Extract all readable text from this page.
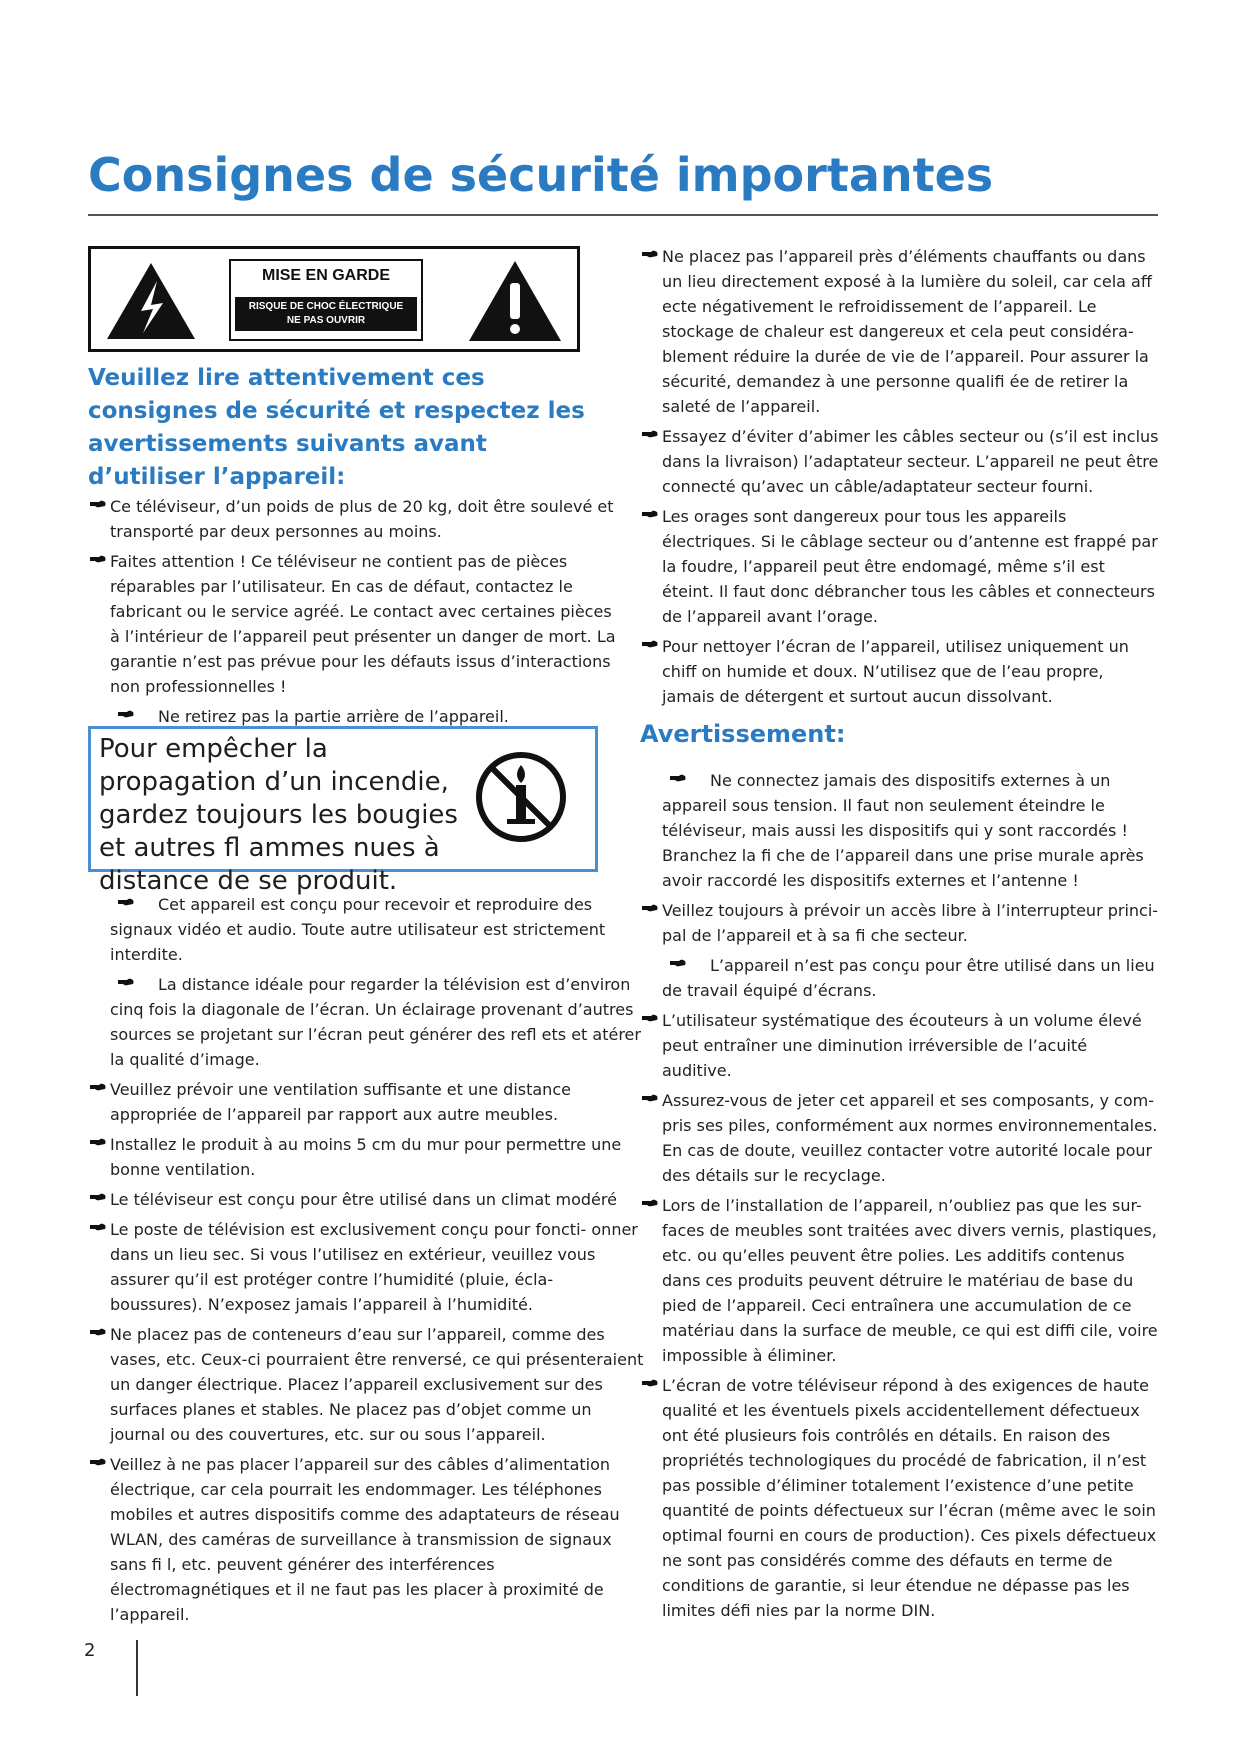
Consignes de sécurité importantes
MISE EN GARDE
RISQUE DE CHOC ÉLECTRIQUE
NE PAS OUVRIR
Veuillez lire attentivement ces consignes de sécurité et respectez les avertissements suivants avant d’utiliser l’appareil:
Ce téléviseur, d’un poids de plus de 20 kg, doit être soulevé et transporté par deux personnes au moins.
Faites attention ! Ce téléviseur ne contient pas de pièces réparables par l’utilisateur. En cas de défaut, contactez le fabricant ou le service agréé. Le contact avec certaines pièces à l’intérieur de l’appareil peut présenter un danger de mort. La garantie n’est pas prévue pour les défauts issus d’interactions non professionnelles !
Ne retirez pas la partie arrière de l’appareil.
Pour empêcher la propagation d’un incendie, gardez toujours les bougies et autres fl ammes nues à distance de se produit.
Cet appareil est conçu pour recevoir et reproduire des signaux vidéo et audio. Toute autre utilisateur est strictement interdite.
La distance idéale pour regarder la télévision est d’environ cinq fois la diagonale de l’écran. Un éclairage provenant d’autres sources se projetant sur l’écran peut générer des refl ets et atérer la qualité d’image.
Veuillez prévoir une ventilation suffisante et une distance appropriée de l’appareil par rapport aux autre meubles.
Installez le produit à au moins 5 cm du mur pour permettre une bonne ventilation.
Le téléviseur est conçu pour être utilisé dans un climat modéré
Le poste de télévision est exclusivement conçu pour foncti- onner dans un lieu sec. Si vous l’utilisez en extérieur, veuillez vous assurer qu’il est protéger contre l’humidité (pluie, écla- boussures). N’exposez jamais l’appareil à l’humidité.
Ne placez pas de conteneurs d’eau sur l’appareil, comme des vases, etc. Ceux-ci pourraient être renversé, ce qui présenteraient un danger électrique. Placez l’appareil exclusivement sur des surfaces planes et stables. Ne placez pas d’objet comme un journal ou des couvertures, etc. sur ou sous l’appareil.
Veillez à ne pas placer l’appareil sur des câbles d’alimentation électrique, car cela pourrait les endommager. Les téléphones mobiles et autres dispositifs comme des adaptateurs de réseau WLAN, des caméras de surveillance à transmission de signaux sans fi l, etc. peuvent générer des interférences électromagnétiques et il ne faut pas les placer à proximité de l’appareil.
Ne placez pas l’appareil près d’éléments chauffants ou dans un lieu directement exposé à la lumière du soleil, car cela aff ecte négativement le refroidissement de l’appareil. Le stockage de chaleur est dangereux et cela peut considéra- blement réduire la durée de vie de l’appareil. Pour assurer la sécurité, demandez à une personne qualifi ée de retirer la saleté de l’appareil.
Essayez d’éviter d’abimer les câbles secteur ou (s’il est inclus dans la livraison) l’adaptateur secteur. L’appareil ne peut être connecté qu’avec un câble/adaptateur secteur fourni.
Les orages sont dangereux pour tous les appareils électriques. Si le câblage secteur ou d’antenne est frappé par la foudre, l’appareil peut être endomagé, même s’il est éteint. Il faut donc débrancher tous les câbles et connecteurs de l’appareil avant l’orage.
Pour nettoyer l’écran de l’appareil, utilisez uniquement un chiff on humide et doux. N’utilisez que de l’eau propre, jamais de détergent et surtout aucun dissolvant.
Avertissement:
Ne connectez jamais des dispositifs externes à un appareil sous tension. Il faut non seulement éteindre le téléviseur, mais aussi les dispositifs qui y sont raccordés ! Branchez la fi che de l’appareil dans une prise murale après avoir raccordé les dispositifs externes et l’antenne !
Veillez toujours à prévoir un accès libre à l’interrupteur princi- pal de l’appareil et à sa fi che secteur.
L’appareil n’est pas conçu pour être utilisé dans un lieu de travail équipé d’écrans.
L’utilisateur systématique des écouteurs à un volume élevé peut entraîner une diminution irréversible de l’acuité auditive.
Assurez-vous de jeter cet appareil et ses composants, y com- pris ses piles, conformément aux normes environnementales. En cas de doute, veuillez contacter votre autorité locale pour des détails sur le recyclage.
Lors de l’installation de l’appareil, n’oubliez pas que les sur- faces de meubles sont traitées avec divers vernis, plastiques, etc. ou qu’elles peuvent être polies. Les additifs contenus dans ces produits peuvent détruire le matériau de base du pied de l’appareil. Ceci entraînera une accumulation de ce matériau dans la surface de meuble, ce qui est diffi cile, voire impossible à éliminer.
L’écran de votre téléviseur répond à des exigences de haute qualité et les éventuels pixels accidentellement défectueux ont été plusieurs fois contrôlés en détails. En raison des propriétés technologiques du procédé de fabrication, il n’est pas possible d’éliminer totalement l’existence d’une petite quantité de points défectueux sur l’écran (même avec le soin optimal fourni en cours de production). Ces pixels défectueux ne sont pas considérés comme des défauts en terme de conditions de garantie, si leur étendue ne dépasse pas les limites défi nies par la norme DIN.
2
